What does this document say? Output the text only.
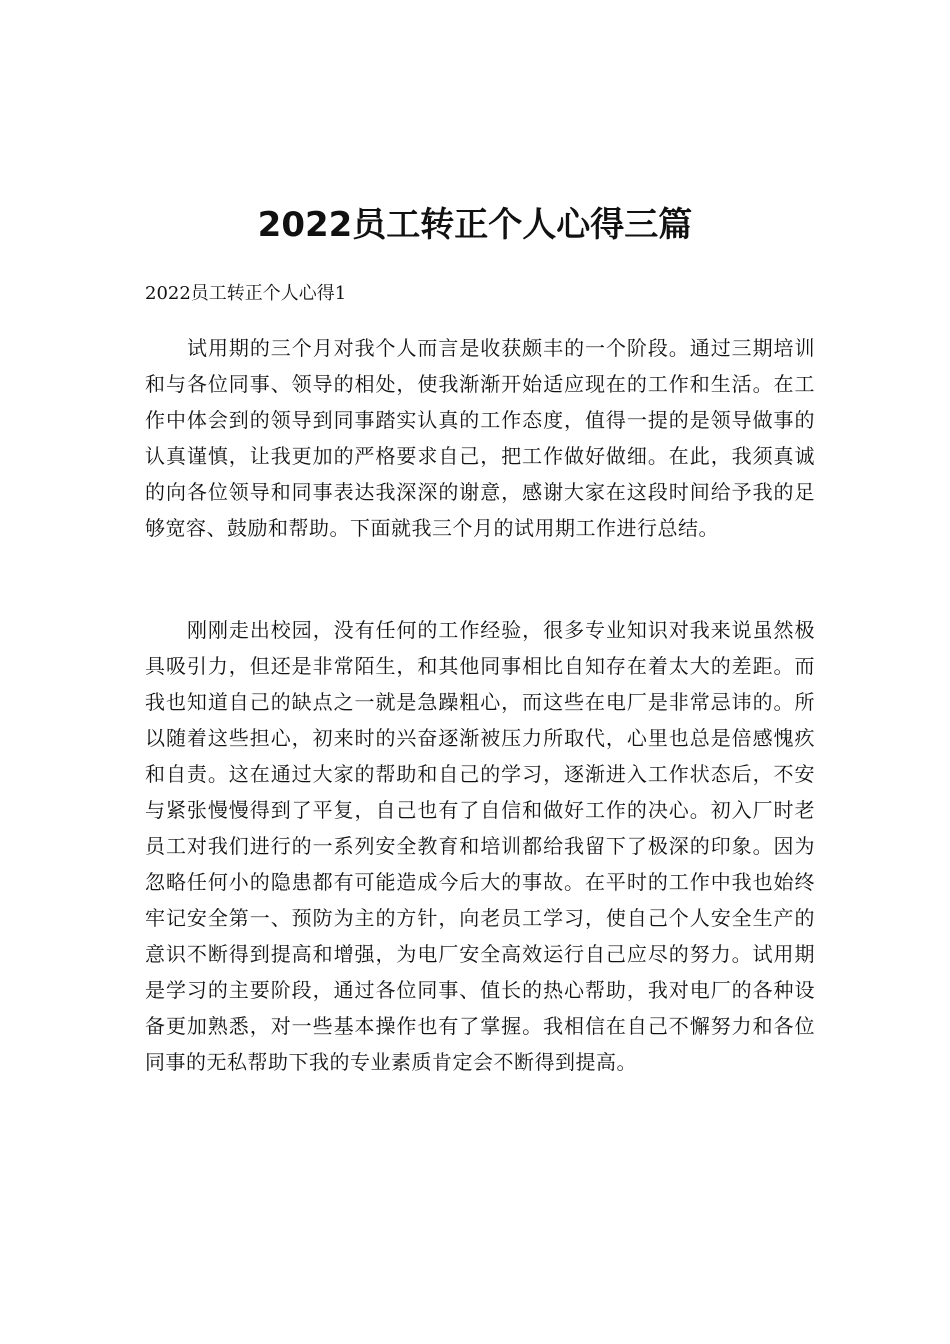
2022员工转正个人心得三篇

2022员工转正个人心得1

试用期的三个月对我个人而言是收获颇丰的一个阶段。通过三期培训和与各位同事、领导的相处，使我渐渐开始适应现在的工作和生活。在工作中体会到的领导到同事踏实认真的工作态度，值得一提的是领导做事的认真谨慎，让我更加的严格要求自己，把工作做好做细。在此，我须真诚的向各位领导和同事表达我深深的谢意，感谢大家在这段时间给予我的足够宽容、鼓励和帮助。下面就我三个月的试用期工作进行总结。

刚刚走出校园，没有任何的工作经验，很多专业知识对我来说虽然极具吸引力，但还是非常陌生，和其他同事相比自知存在着太大的差距。而我也知道自己的缺点之一就是急躁粗心，而这些在电厂是非常忌讳的。所以随着这些担心，初来时的兴奋逐渐被压力所取代，心里也总是倍感愧疚和自责。这在通过大家的帮助和自己的学习，逐渐进入工作状态后，不安与紧张慢慢得到了平复，自己也有了自信和做好工作的决心。初入厂时老员工对我们进行的一系列安全教育和培训都给我留下了极深的印象。因为忽略任何小的隐患都有可能造成今后大的事故。在平时的工作中我也始终牢记安全第一、预防为主的方针，向老员工学习，使自己个人安全生产的意识不断得到提高和增强，为电厂安全高效运行自己应尽的努力。试用期是学习的主要阶段，通过各位同事、值长的热心帮助，我对电厂的各种设备更加熟悉，对一些基本操作也有了掌握。我相信在自己不懈努力和各位同事的无私帮助下我的专业素质肯定会不断得到提高。
